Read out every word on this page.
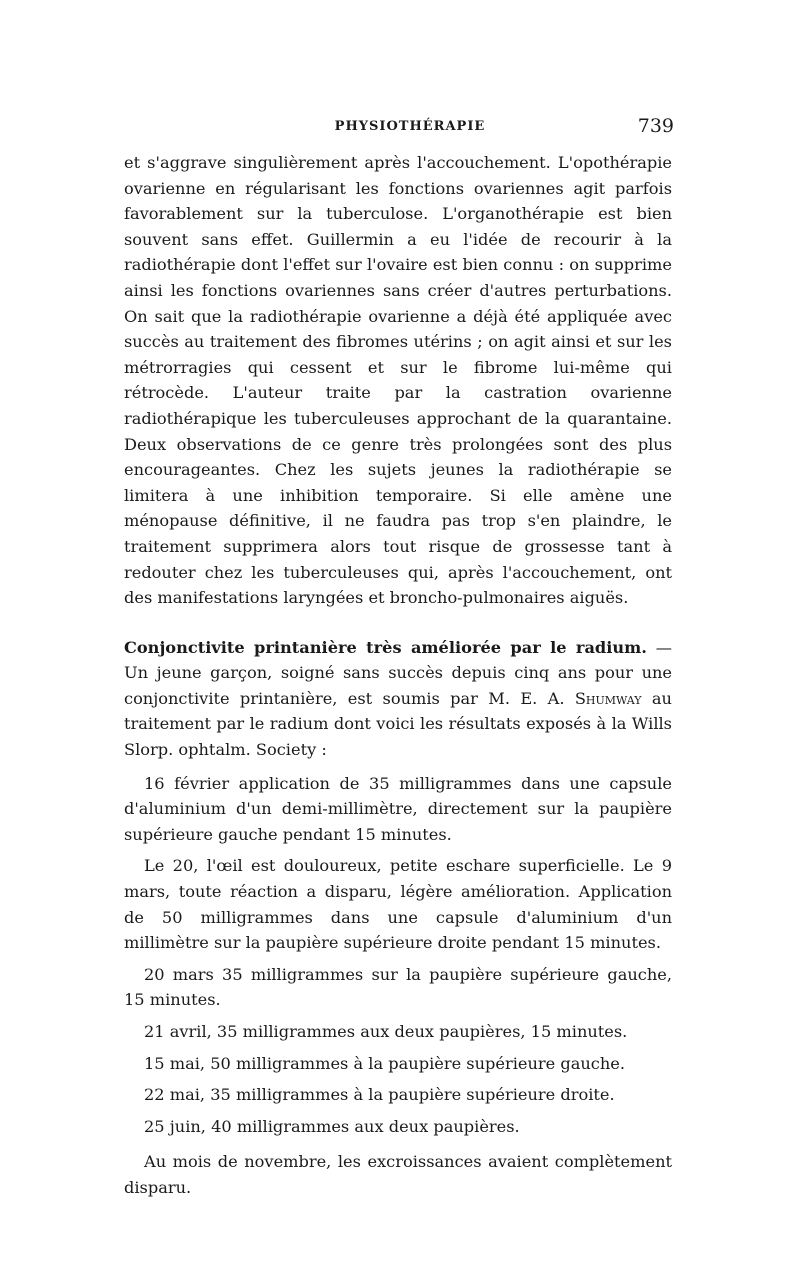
PHYSIOTHÉRAPIE	739

et s'aggrave singulièrement après l'accouchement. L'opothérapie ovarienne en régularisant les fonctions ovariennes agit parfois favorablement sur la tuberculose. L'organothérapie est bien souvent sans effet. Guillermin a eu l'idée de recourir à la radiothérapie dont l'effet sur l'ovaire est bien connu : on supprime ainsi les fonctions ovariennes sans créer d'autres perturbations. On sait que la radiothérapie ovarienne a déjà été appliquée avec succès au traitement des fibromes utérins ; on agit ainsi et sur les métrorragies qui cessent et sur le fibrome lui-même qui rétrocède. L'auteur traite par la castration ovarienne radiothérapique les tuberculeuses approchant de la quarantaine. Deux observations de ce genre très prolongées sont des plus encourageantes. Chez les sujets jeunes la radiothérapie se limitera à une inhibition temporaire. Si elle amène une ménopause définitive, il ne faudra pas trop s'en plaindre, le traitement supprimera alors tout risque de grossesse tant à redouter chez les tuberculeuses qui, après l'accouchement, ont des manifestations laryngées et broncho-pulmonaires aiguës.

Conjonctivite printanière très améliorée par le radium. — Un jeune garçon, soigné sans succès depuis cinq ans pour une conjonctivite printanière, est soumis par M. E. A. Shumway au traitement par le radium dont voici les résultats exposés à la Wills Slorp. ophtalm. Society :

16 février application de 35 milligrammes dans une capsule d'aluminium d'un demi-millimètre, directement sur la paupière supérieure gauche pendant 15 minutes.

Le 20, l'œil est douloureux, petite eschare superficielle. Le 9 mars, toute réaction a disparu, légère amélioration. Application de 50 milligrammes dans une capsule d'aluminium d'un millimètre sur la paupière supérieure droite pendant 15 minutes.

20 mars 35 milligrammes sur la paupière supérieure gauche, 15 minutes.

21 avril, 35 milligrammes aux deux paupières, 15 minutes.

15 mai, 50 milligrammes à la paupière supérieure gauche.

22 mai, 35 milligrammes à la paupière supérieure droite.

25 juin, 40 milligrammes aux deux paupières.

Au mois de novembre, les excroissances avaient complètement disparu.
